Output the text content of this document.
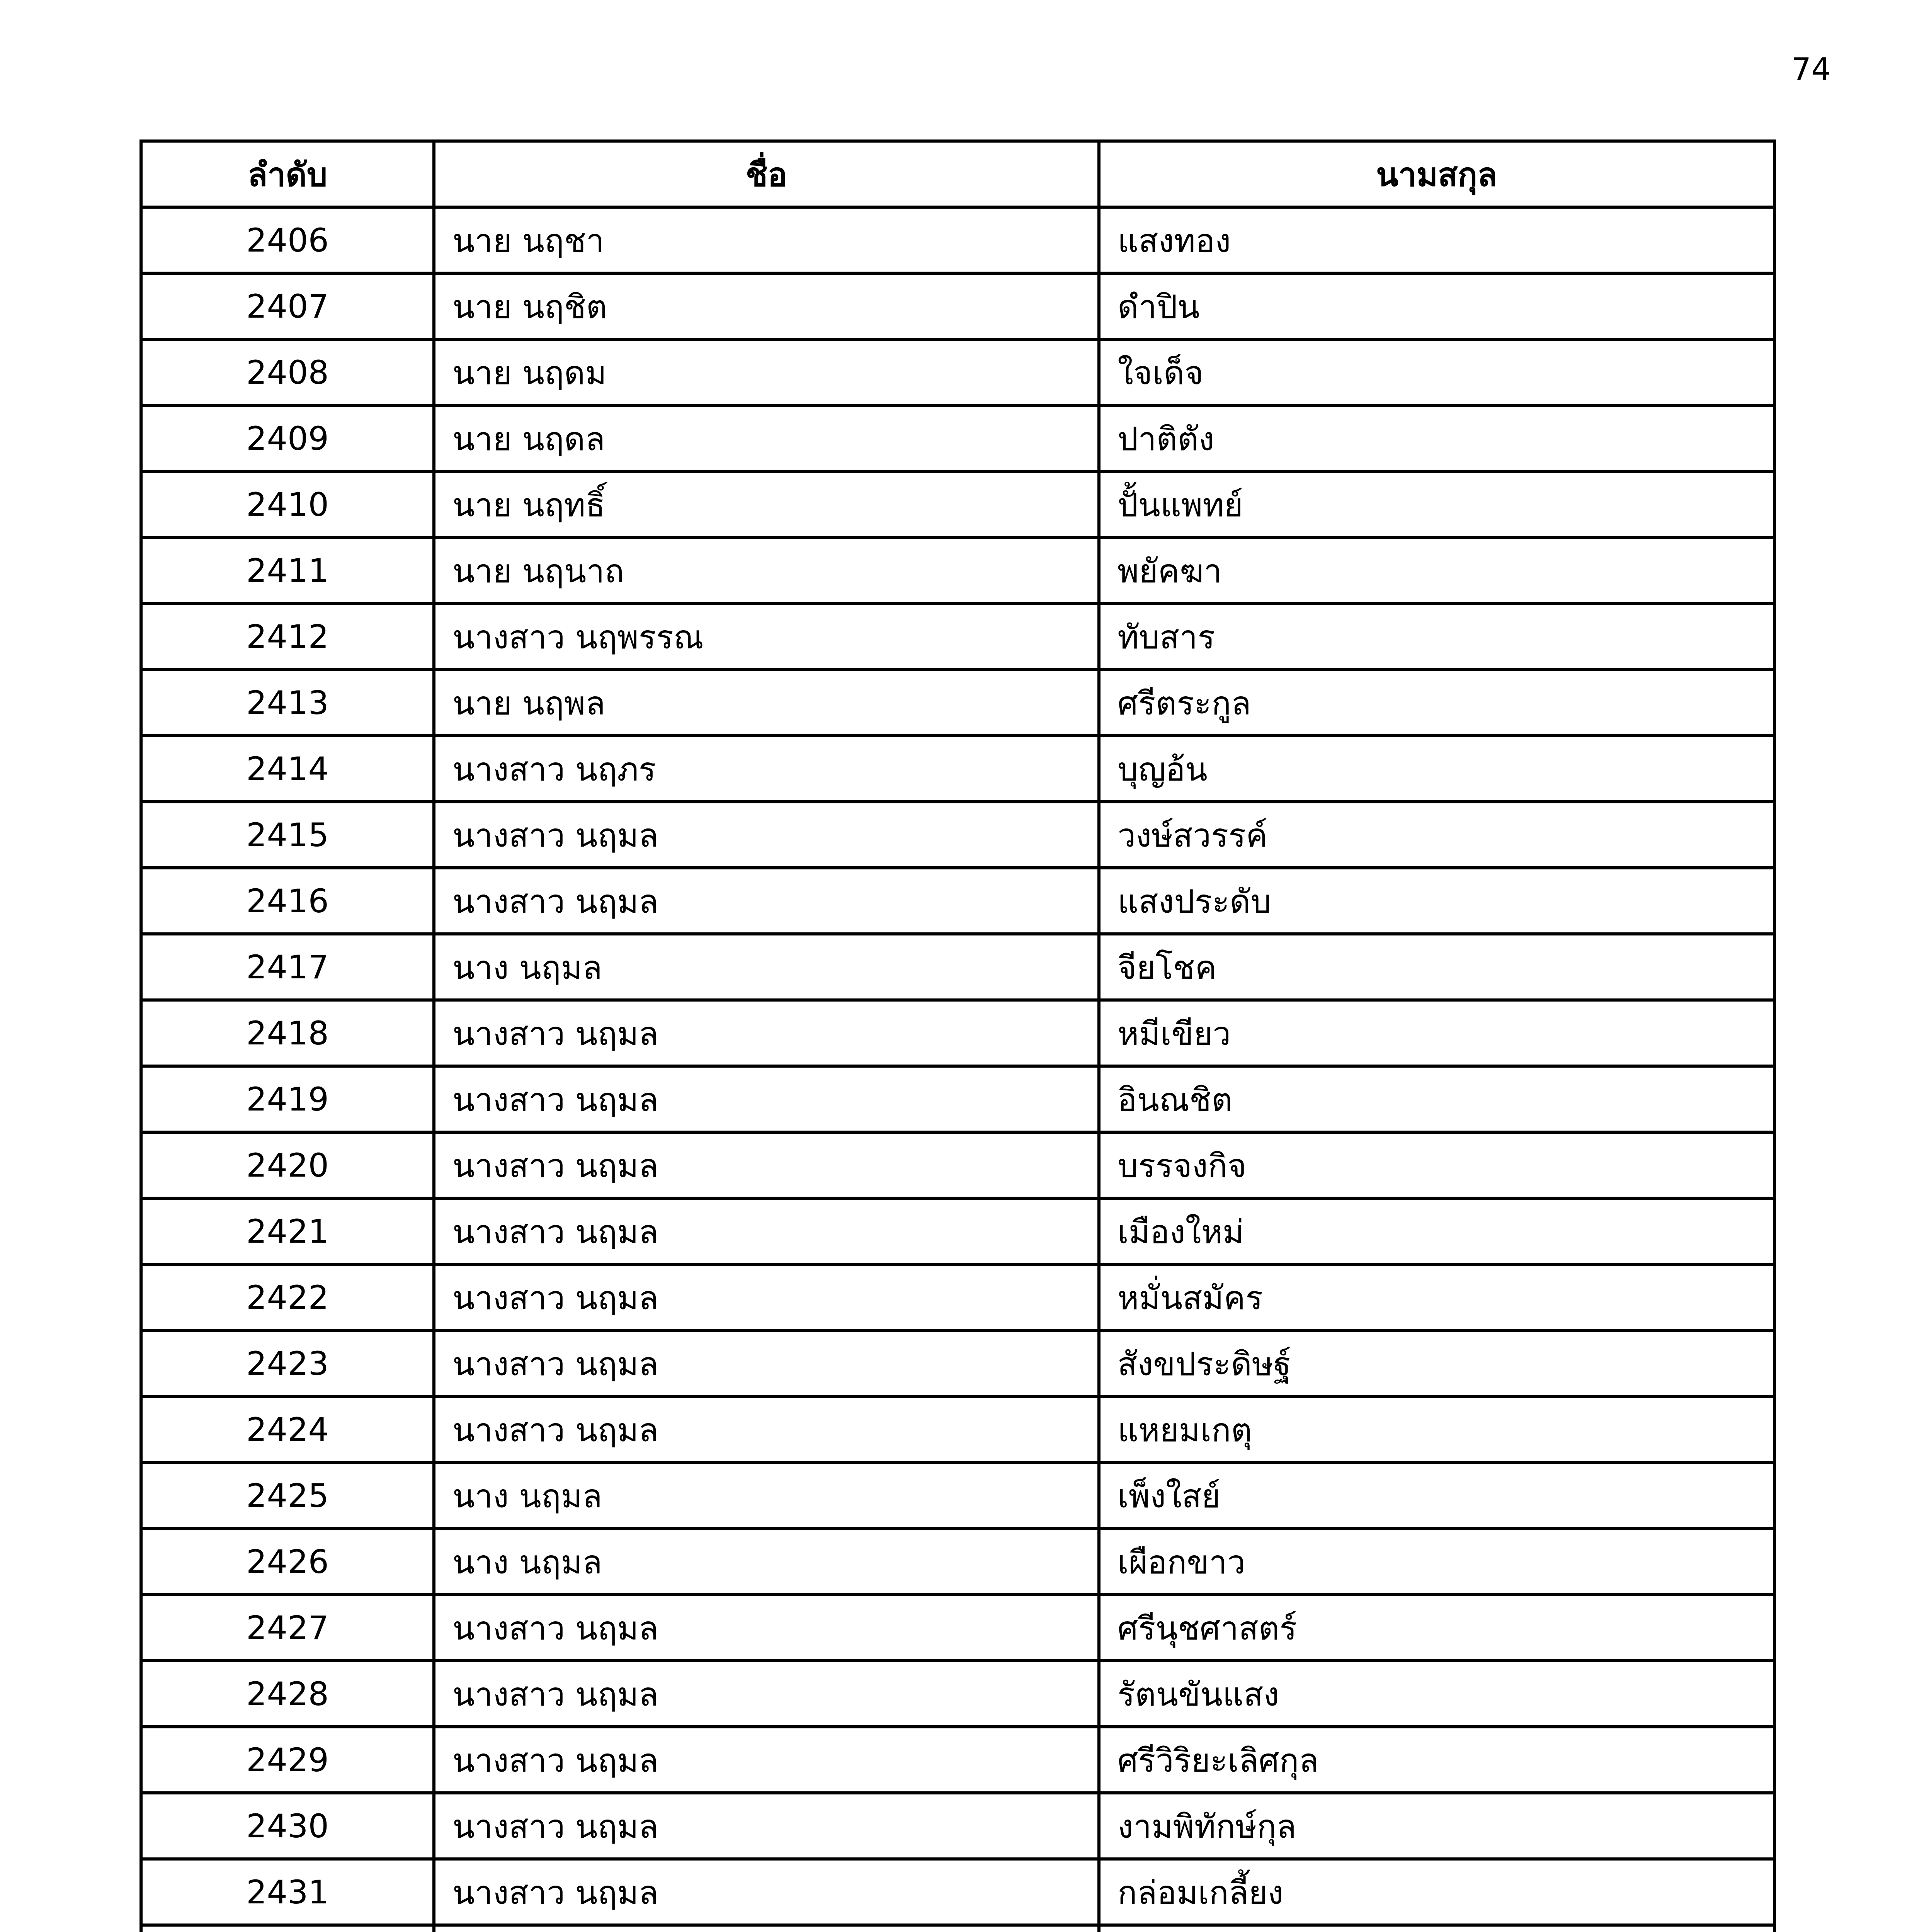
74
ลำดับ	ชื่อ	นามสกุล
2406	นาย นฤชา	แสงทอง
2407	นาย นฤชิต	ดำปิน
2408	นาย นฤดม	ใจเด็จ
2409	นาย นฤดล	ปาติตัง
2410	นาย นฤทธิ์	ปั้นแพทย์
2411	นาย นฤนาถ	พยัคฆา
2412	นางสาว นฤพรรณ	ทับสาร
2413	นาย นฤพล	ศรีตระกูล
2414	นางสาว นฤภร	บุญอ้น
2415	นางสาว นฤมล	วงษ์สวรรค์
2416	นางสาว นฤมล	แสงประดับ
2417	นาง นฤมล	จียโชค
2418	นางสาว นฤมล	หมีเขียว
2419	นางสาว นฤมล	อินณชิต
2420	นางสาว นฤมล	บรรจงกิจ
2421	นางสาว นฤมล	เมืองใหม่
2422	นางสาว นฤมล	หมั่นสมัคร
2423	นางสาว นฤมล	สังขประดิษฐ์
2424	นางสาว นฤมล	แหยมเกตุ
2425	นาง นฤมล	เพ็งใสย์
2426	นาง นฤมล	เผือกขาว
2427	นางสาว นฤมล	ศรีนุชศาสตร์
2428	นางสาว นฤมล	รัตนขันแสง
2429	นางสาว นฤมล	ศรีวิริยะเลิศกุล
2430	นางสาว นฤมล	งามพิทักษ์กุล
2431	นางสาว นฤมล	กล่อมเกลี้ยง
